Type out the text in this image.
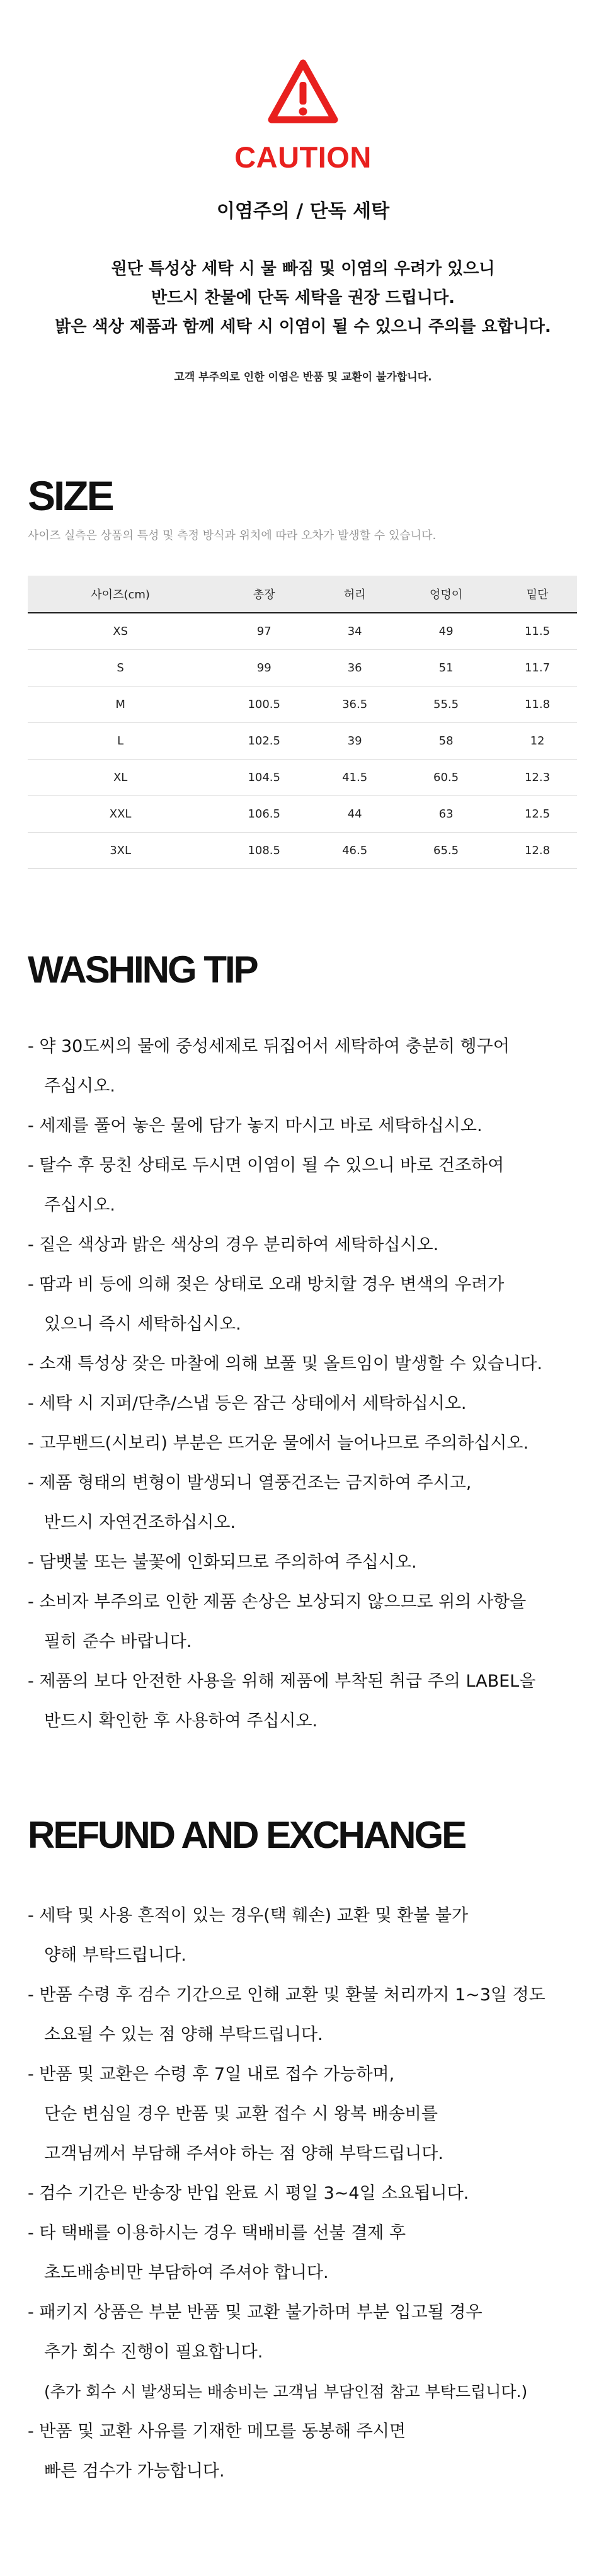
CAUTION
이염주의 / 단독 세탁
원단 특성상 세탁 시 물 빠짐 및 이염의 우려가 있으니
반드시 찬물에 단독 세탁을 권장 드립니다.
밝은 색상 제품과 함께 세탁 시 이염이 될 수 있으니 주의를 요합니다.
고객 부주의로 인한 이염은 반품 및 교환이 불가합니다.
SIZE
사이즈 실측은 상품의 특성 및 측정 방식과 위치에 따라 오차가 발생할 수 있습니다.
사이즈(cm)	총장	허리	엉덩이	밑단
XS	97	34	49	11.5
S	99	36	51	11.7
M	100.5	36.5	55.5	11.8
L	102.5	39	58	12
XL	104.5	41.5	60.5	12.3
XXL	106.5	44	63	12.5
3XL	108.5	46.5	65.5	12.8
WASHING TIP
- 약 30도씨의 물에 중성세제로 뒤집어서 세탁하여 충분히 헹구어
주십시오.
- 세제를 풀어 놓은 물에 담가 놓지 마시고 바로 세탁하십시오.
- 탈수 후 뭉친 상태로 두시면 이염이 될 수 있으니 바로 건조하여
주십시오.
- 짙은 색상과 밝은 색상의 경우 분리하여 세탁하십시오.
- 땀과 비 등에 의해 젖은 상태로 오래 방치할 경우 변색의 우려가
있으니 즉시 세탁하십시오.
- 소재 특성상 잦은 마찰에 의해 보풀 및 올트임이 발생할 수 있습니다.
- 세탁 시 지퍼/단추/스냅 등은 잠근 상태에서 세탁하십시오.
- 고무밴드(시보리) 부분은 뜨거운 물에서 늘어나므로 주의하십시오.
- 제품 형태의 변형이 발생되니 열풍건조는 금지하여 주시고,
반드시 자연건조하십시오.
- 담뱃불 또는 불꽃에 인화되므로 주의하여 주십시오.
- 소비자 부주의로 인한 제품 손상은 보상되지 않으므로 위의 사항을
필히 준수 바랍니다.
- 제품의 보다 안전한 사용을 위해 제품에 부착된 취급 주의 LABEL을
반드시 확인한 후 사용하여 주십시오.
REFUND AND EXCHANGE
- 세탁 및 사용 흔적이 있는 경우(택 훼손) 교환 및 환불 불가
양해 부탁드립니다.
- 반품 수령 후 검수 기간으로 인해 교환 및 환불 처리까지 1~3일 정도
소요될 수 있는 점 양해 부탁드립니다.
- 반품 및 교환은 수령 후 7일 내로 접수 가능하며,
단순 변심일 경우 반품 및 교환 접수 시 왕복 배송비를
고객님께서 부담해 주셔야 하는 점 양해 부탁드립니다.
- 검수 기간은 반송장 반입 완료 시 평일 3~4일 소요됩니다.
- 타 택배를 이용하시는 경우 택배비를 선불 결제 후
초도배송비만 부담하여 주셔야 합니다.
- 패키지 상품은 부분 반품 및 교환 불가하며 부분 입고될 경우
추가 회수 진행이 필요합니다.
(추가 회수 시 발생되는 배송비는 고객님 부담인점 참고 부탁드립니다.)
- 반품 및 교환 사유를 기재한 메모를 동봉해 주시면
빠른 검수가 가능합니다.
